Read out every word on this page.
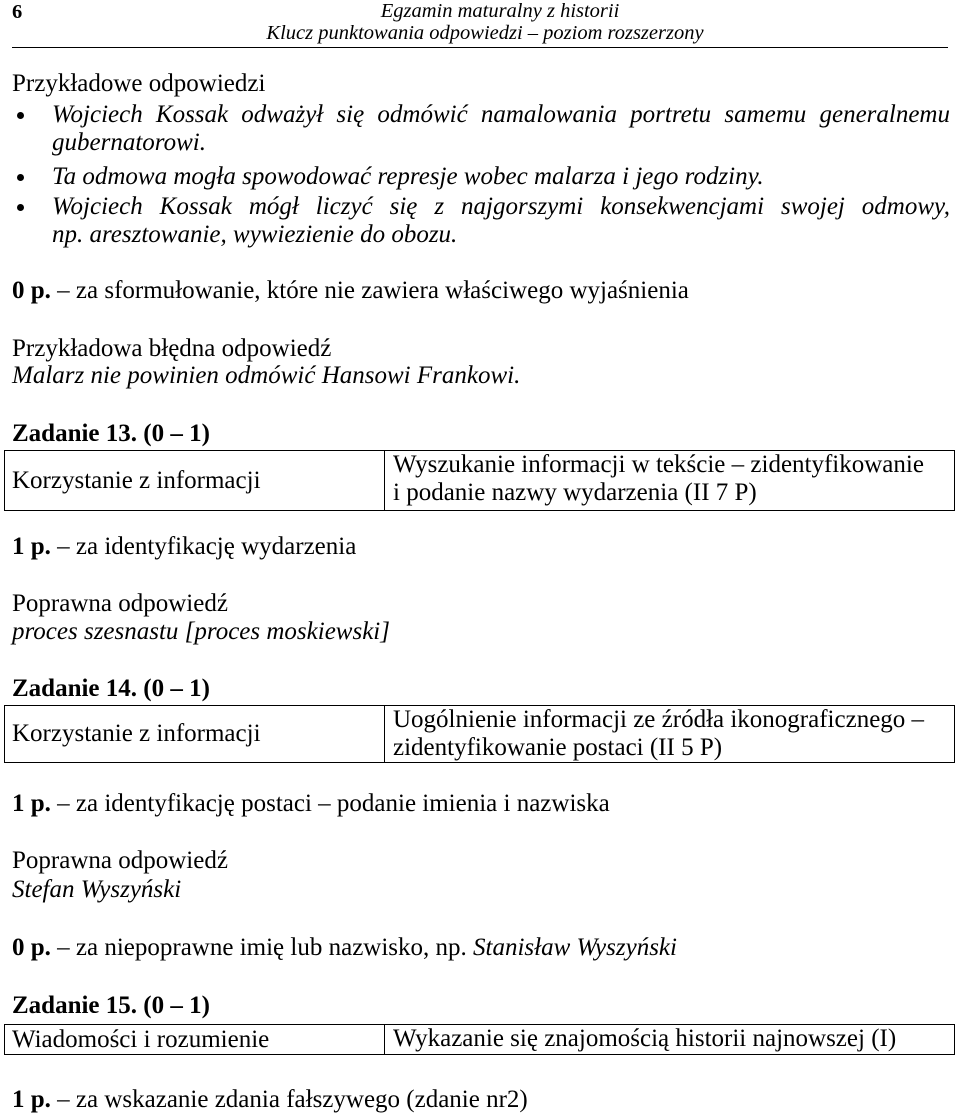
6	Egzamin maturalny z historii
Klucz punktowania odpowiedzi – poziom rozszerzony
Przykładowe odpowiedzi
Wojciech Kossak odważył się odmówić namalowania portretu samemu generalnemu
gubernatorowi.
Ta odmowa mogła spowodować represje wobec malarza i jego rodziny.
Wojciech Kossak mógł liczyć się z najgorszymi konsekwencjami swojej odmowy,
np. aresztowanie, wywiezienie do obozu.
0 p. – za sformułowanie, które nie zawiera właściwego wyjaśnienia
Przykładowa błędna odpowiedź
Malarz nie powinien odmówić Hansowi Frankowi.
Zadanie 13. (0 – 1)
Korzystanie z informacji
Wyszukanie informacji w tekście – zidentyfikowanie
i podanie nazwy wydarzenia (II 7 P)
1 p. – za identyfikację wydarzenia
Poprawna odpowiedź
proces szesnastu [proces moskiewski]
Zadanie 14. (0 – 1)
Korzystanie z informacji
Uogólnienie informacji ze źródła ikonograficznego –
zidentyfikowanie postaci (II 5 P)
1 p. – za identyfikację postaci – podanie imienia i nazwiska
Poprawna odpowiedź
Stefan Wyszyński
0 p. – za niepoprawne imię lub nazwisko, np. Stanisław Wyszyński
Zadanie 15. (0 – 1)
Wiadomości i rozumienie	Wykazanie się znajomością historii najnowszej (I)
1 p. – za wskazanie zdania fałszywego (zdanie nr2)
